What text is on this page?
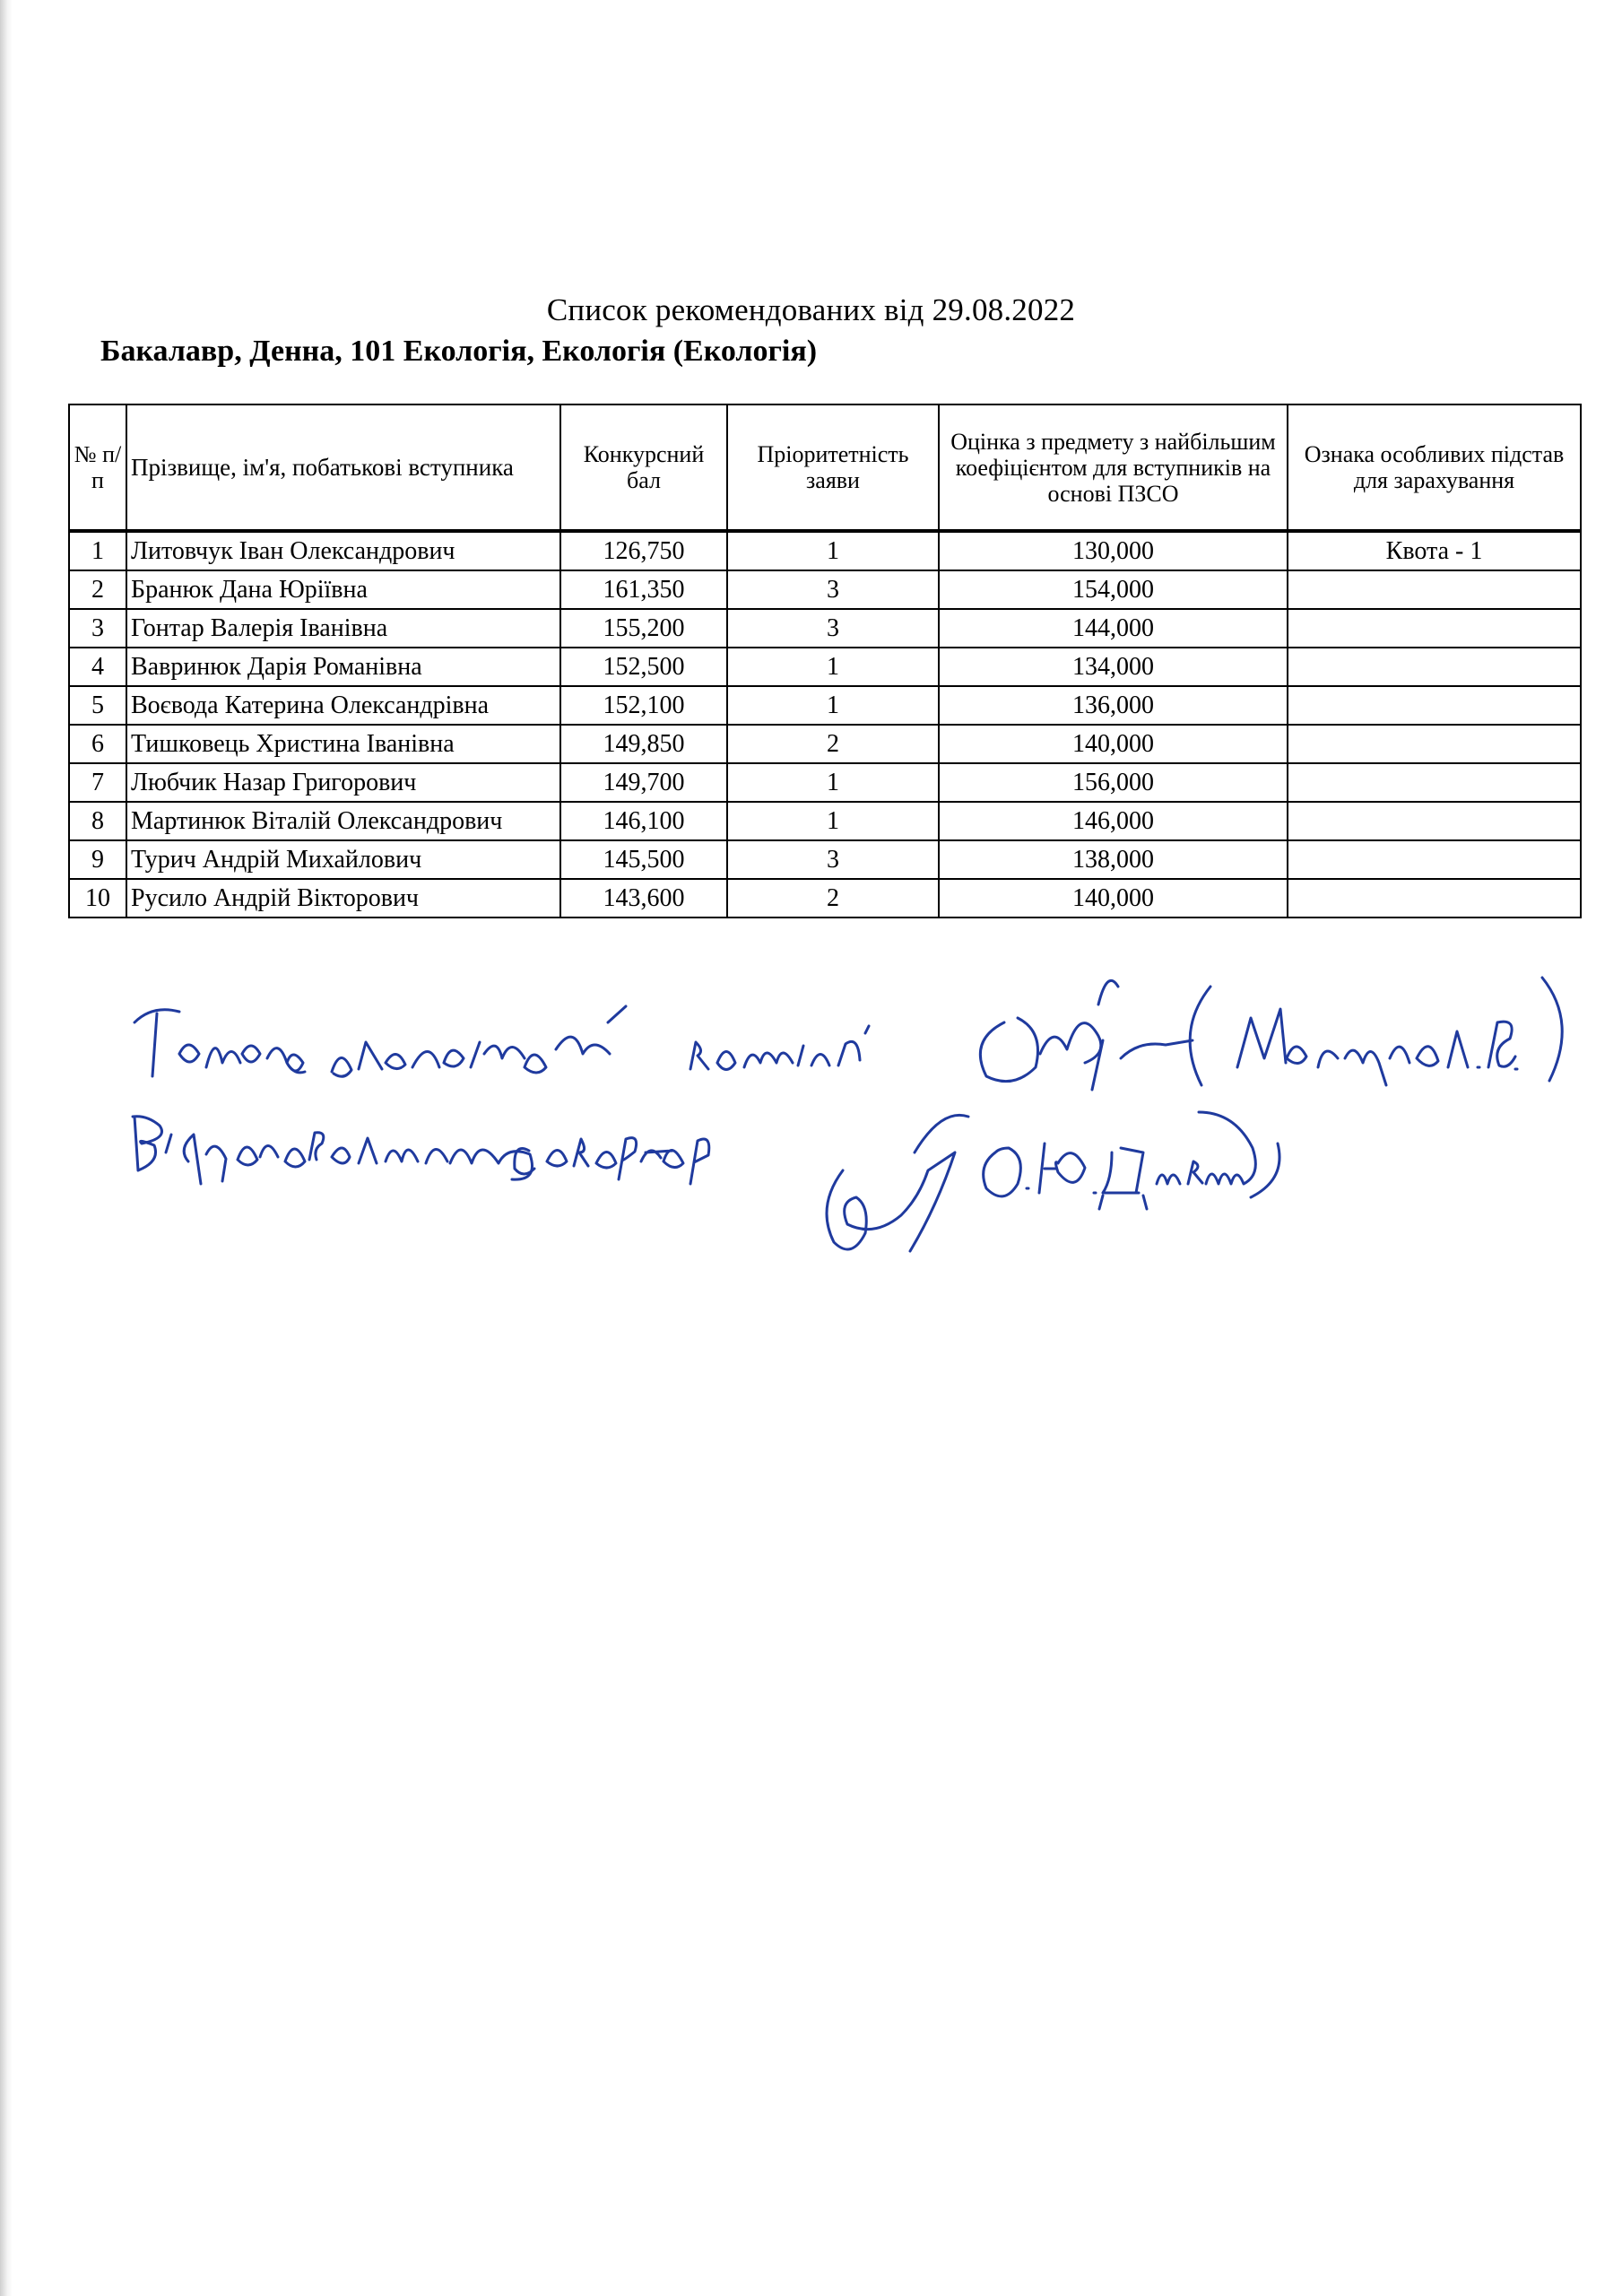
Список рекомендованих від 29.08.2022
Бакалавр, Денна, 101 Екологія, Екологія (Екологія)
№ п/п	Прізвище, ім'я, побатькові вступника	Конкурсний бал	Пріоритетність заяви	Оцінка з предмету з найбільшим коефіцієнтом для вступників на основі ПЗСО	Ознака особливих підстав для зарахування
1	Литовчук Іван Олександрович	126,750	1	130,000	Квота - 1
2	Бранюк Дана Юріївна	161,350	3	154,000	
3	Гонтар Валерія Іванівна	155,200	3	144,000	
4	Вавринюк Дарія Романівна	152,500	1	134,000	
5	Воєвода Катерина Олександрівна	152,100	1	136,000	
6	Тишковець Христина Іванівна	149,850	2	140,000	
7	Любчик Назар Григорович	149,700	1	156,000	
8	Мартинюк Віталій Олександрович	146,100	1	146,000	
9	Турич Андрій Михайлович	145,500	3	138,000	
10	Русило Андрій Вікторович	143,600	2	140,000	
